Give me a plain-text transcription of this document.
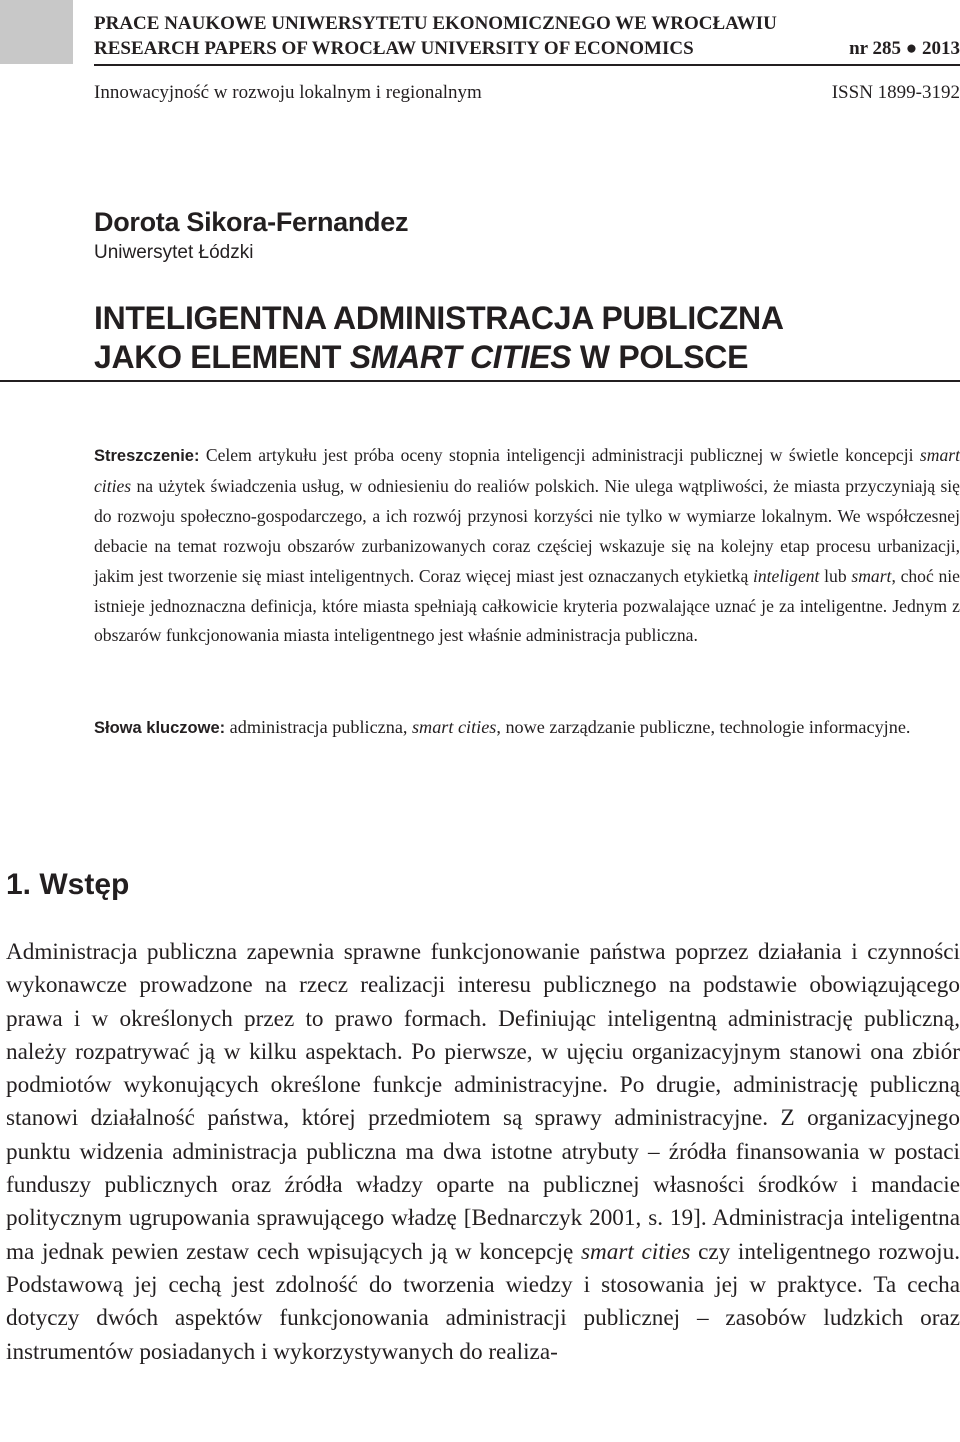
PRACE NAUKOWE UNIWERSYTETU EKONOMICZNEGO WE WROCŁAWIU
RESEARCH PAPERS OF WROCŁAW UNIVERSITY OF ECONOMICS	nr 285 ● 2013
Innowacyjność w rozwoju lokalnym i regionalnym	ISSN 1899-3192
Dorota Sikora-Fernandez
Uniwersytet Łódzki
INTELIGENTNA ADMINISTRACJA PUBLICZNA
JAKO ELEMENT SMART CITIES W POLSCE

Streszczenie: Celem artykułu jest próba oceny stopnia inteligencji administracji publicznej w świetle koncepcji smart cities na użytek świadczenia usług, w odniesieniu do realiów polskich. Nie ulega wątpliwości, że miasta przyczyniają się do rozwoju społeczno-gospodarczego, a ich rozwój przynosi korzyści nie tylko w wymiarze lokalnym. We współczesnej debacie na temat rozwoju obszarów zurbanizowanych coraz częściej wskazuje się na kolejny etap procesu urbanizacji, jakim jest tworzenie się miast inteligentnych. Coraz więcej miast jest oznaczanych etykietką inteligent lub smart, choć nie istnieje jednoznaczna definicja, które miasta spełniają całkowicie kryteria pozwalające uznać je za inteligentne. Jednym z obszarów funkcjonowania miasta inteligentnego jest właśnie administracja publiczna.

Słowa kluczowe: administracja publiczna, smart cities, nowe zarządzanie publiczne, technologie informacyjne.

1. Wstęp

Administracja publiczna zapewnia sprawne funkcjonowanie państwa poprzez działania i czynności wykonawcze prowadzone na rzecz realizacji interesu publicznego na podstawie obowiązującego prawa i w określonych przez to prawo formach. Definiując inteligentną administrację publiczną, należy rozpatrywać ją w kilku aspektach. Po pierwsze, w ujęciu organizacyjnym stanowi ona zbiór podmiotów wykonujących określone funkcje administracyjne. Po drugie, administrację publiczną stanowi działalność państwa, której przedmiotem są sprawy administracyjne. Z organizacyjnego punktu widzenia administracja publiczna ma dwa istotne atrybuty – źródła finansowania w postaci funduszy publicznych oraz źródła władzy oparte na publicznej własności środków i mandacie politycznym ugrupowania sprawującego władzę [Bednarczyk 2001, s. 19]. Administracja inteligentna ma jednak pewien zestaw cech wpisujących ją w koncepcję smart cities czy inteligentnego rozwoju. Podstawową jej cechą jest zdolność do tworzenia wiedzy i stosowania jej w praktyce. Ta cecha dotyczy dwóch aspektów funkcjonowania administracji publicznej – zasobów ludzkich oraz instrumentów posiadanych i wykorzystywanych do realiza-
